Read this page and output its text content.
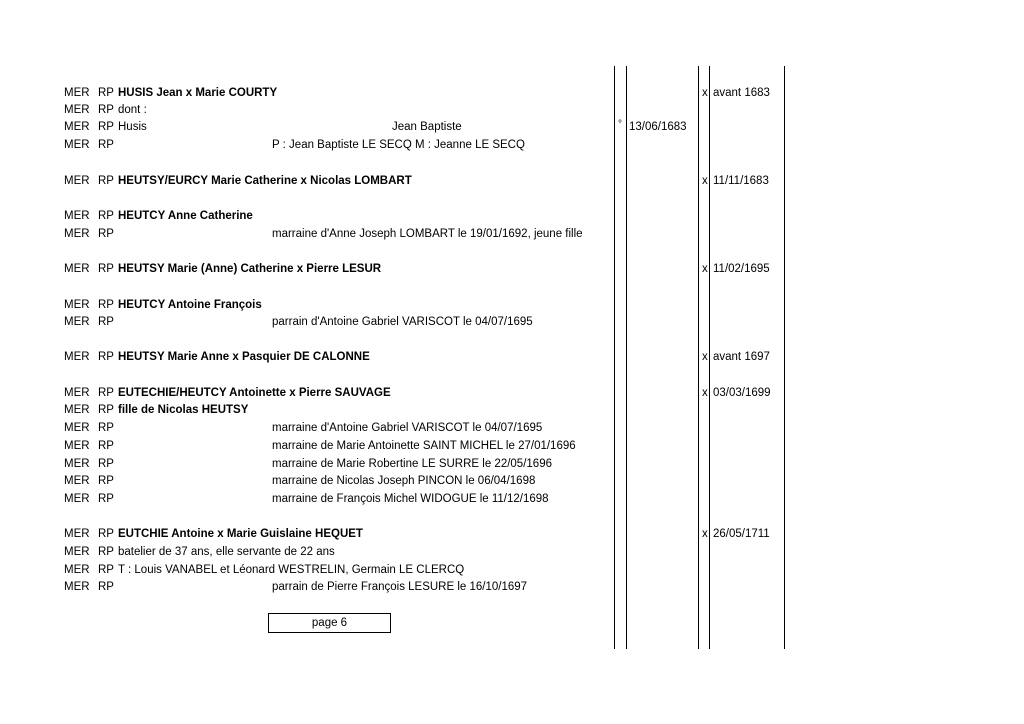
MER RP HUSIS Jean x Marie COURTY	x avant 1683
MER RP dont :
MER RP Husis	Jean Baptiste	° 13/06/1683
MER RP	P : Jean Baptiste LE SECQ M : Jeanne LE SECQ
MER RP HEUTSY/EURCY Marie Catherine x Nicolas LOMBART	x 11/11/1683
MER RP HEUTCY Anne Catherine
MER RP	marraine d'Anne Joseph LOMBART le 19/01/1692, jeune fille
MER RP HEUTSY Marie (Anne) Catherine x Pierre LESUR	x 11/02/1695
MER RP HEUTCY Antoine François
MER RP	parrain d'Antoine Gabriel VARISCOT le 04/07/1695
MER RP HEUTSY Marie Anne x Pasquier DE CALONNE	x avant 1697
MER RP EUTECHIE/HEUTCY Antoinette x Pierre SAUVAGE	x 03/03/1699
MER RP fille de Nicolas HEUTSY
MER RP	marraine d'Antoine Gabriel VARISCOT le 04/07/1695
MER RP	marraine de Marie Antoinette SAINT MICHEL le 27/01/1696
MER RP	marraine de Marie Robertine LE SURRE le 22/05/1696
MER RP	marraine de Nicolas Joseph PINCON le 06/04/1698
MER RP	marraine de François Michel WIDOGUE le 11/12/1698
MER RP EUTCHIE Antoine x Marie Guislaine HEQUET	x 26/05/1711
MER RP batelier de 37 ans, elle servante de 22 ans
MER RP T : Louis VANABEL et Léonard WESTRELIN, Germain LE CLERCQ
MER RP	parrain de Pierre François LESURE le 16/10/1697
page 6
